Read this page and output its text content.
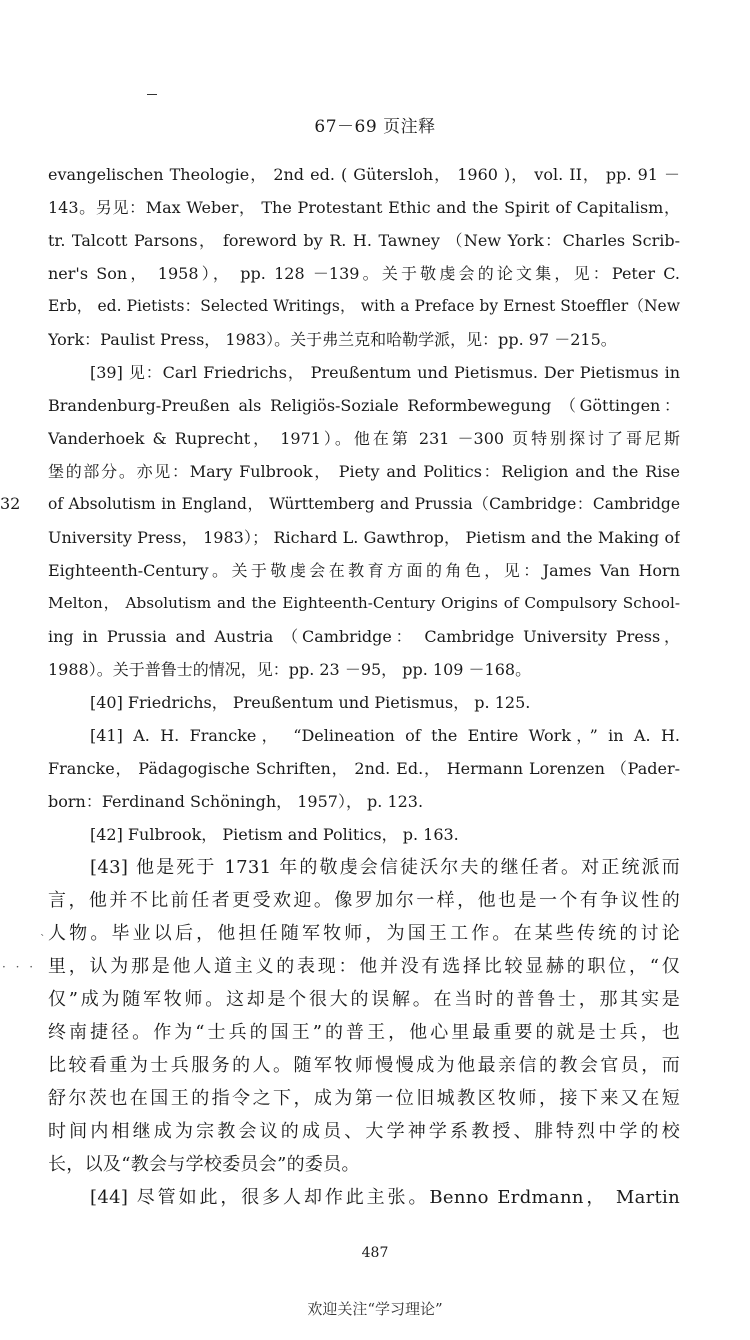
67－69 页注释
32
`
· · ·
evangelischen Theologie， 2nd ed. ( Gütersloh， 1960 )， vol. II， pp. 91 －
143。另见：Max Weber， The Protestant Ethic and the Spirit of Capitalism，
tr. Talcott Parsons， foreword by R. H. Tawney （New York：Charles Scrib-
ner's Son， 1958）， pp. 128 －139。关于敬虔会的论文集，见：Peter C.
Erb， ed. Pietists：Selected Writings， with a Preface by Ernest Stoeffler（New
York：Paulist Press， 1983）。关于弗兰克和哈勒学派，见：pp. 97 －215。
[39] 见：Carl Friedrichs， Preußentum und Pietismus. Der Pietismus in
Brandenburg-Preußen als Religiös-Soziale Reformbewegung （Göttingen：
Vanderhoek & Ruprecht， 1971）。他在第 231 －300 页特别探讨了哥尼斯
堡的部分。亦见：Mary Fulbrook， Piety and Politics：Religion and the Rise
of Absolutism in England， Württemberg and Prussia（Cambridge：Cambridge
University Press， 1983）； Richard L. Gawthrop， Pietism and the Making of
Eighteenth-Century。关于敬虔会在教育方面的角色，见：James Van Horn
Melton， Absolutism and the Eighteenth-Century Origins of Compulsory School-
ing in Prussia and Austria （Cambridge： Cambridge University Press，
1988）。关于普鲁士的情况，见：pp. 23 －95， pp. 109 －168。
[40] Friedrichs， Preußentum und Pietismus， p. 125.
[41] A. H. Francke， “Delineation of the Entire Work，” in A. H.
Francke， Pädagogische Schriften， 2nd. Ed.， Hermann Lorenzen （Pader-
born：Ferdinand Schöningh， 1957）， p. 123.
[42] Fulbrook， Pietism and Politics， p. 163.
[43] 他是死于 1731 年的敬虔会信徒沃尔夫的继任者。对正统派而
言，他并不比前任者更受欢迎。像罗加尔一样，他也是一个有争议性的
人物。毕业以后，他担任随军牧师，为国王工作。在某些传统的讨论
里，认为那是他人道主义的表现：他并没有选择比较显赫的职位，“仅
仅”成为随军牧师。这却是个很大的误解。在当时的普鲁士，那其实是
终南捷径。作为“士兵的国王”的普王，他心里最重要的就是士兵，也
比较看重为士兵服务的人。随军牧师慢慢成为他最亲信的教会官员，而
舒尔茨也在国王的指令之下，成为第一位旧城教区牧师，接下来又在短
时间内相继成为宗教会议的成员、大学神学系教授、腓特烈中学的校
长，以及“教会与学校委员会”的委员。
[44] 尽管如此，很多人却作此主张。Benno Erdmann， Martin
487
欢迎关注“学习理论”
